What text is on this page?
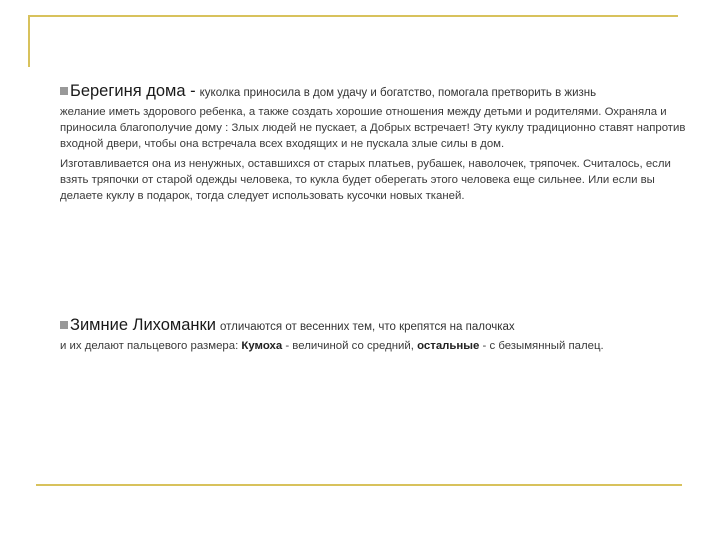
Берегиня дома - куколка приносила в дом удачу и богатство, помогала претворить в жизнь

желание иметь здорового ребенка, а также создать хорошие отношения между детьми и родителями. Охраняла и приносила благополучие дому : Злых людей не пускает, а Добрых встречает! Эту куклу традиционно ставят напротив входной двери, чтобы она встречала всех входящих и не пускала злые силы в дом.

Изготавливается она из ненужных, оставшихся от старых платьев, рубашек, наволочек, тряпочек. Считалось, если взять тряпочки от старой одежды человека, то кукла будет оберегать этого человека еще сильнее. Или если вы делаете куклу в подарок, тогда следует использовать кусочки новых тканей.

Зимние Лихоманки отличаются от весенних тем, что крепятся на палочках

и их делают пальцевого размера: Кумоха - величиной со средний, остальные - с безымянный палец.
